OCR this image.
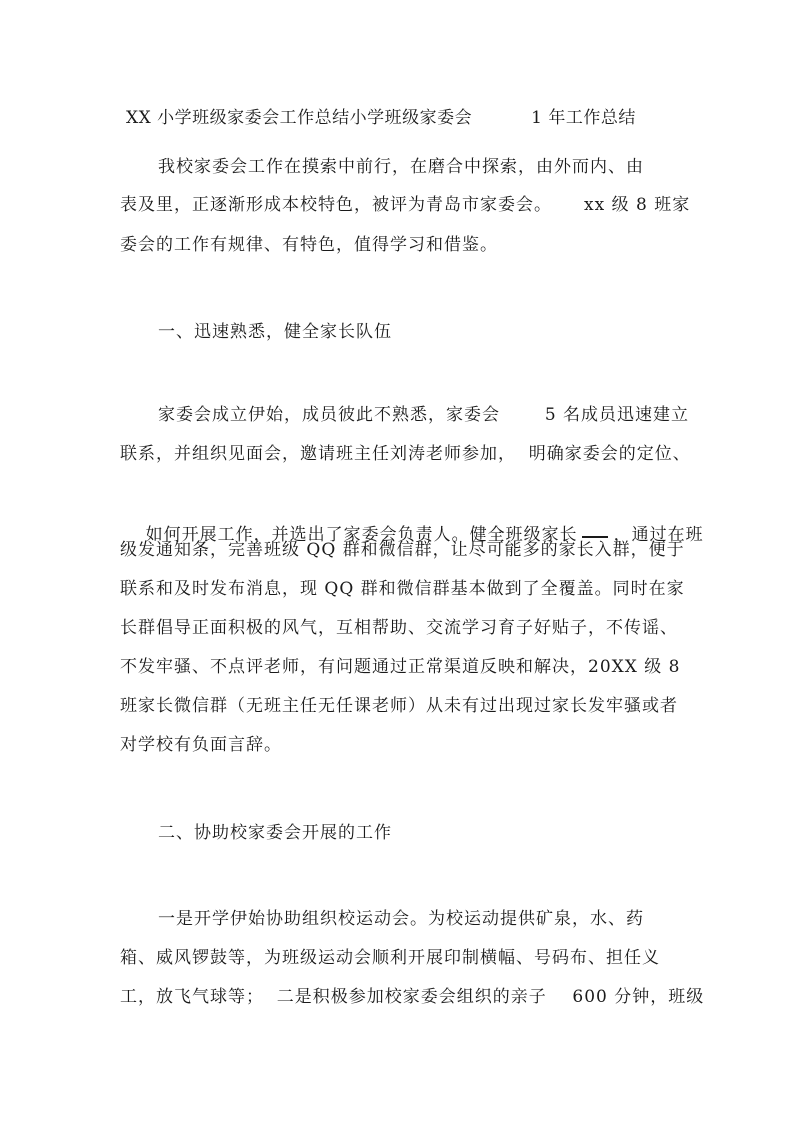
XX 小学班级家委会工作总结小学班级家委会          1 年工作总结
我校家委会工作在摸索中前行，在磨合中探索，由外而内、由
表及里，正逐渐形成本校特色，被评为青岛市家委会。     xx 级 8 班家
委会的工作有规律、有特色，值得学习和借鉴。
一、迅速熟悉，健全家长队伍
家委会成立伊始，成员彼此不熟悉，家委会       5 名成员迅速建立
联系，并组织见面会，邀请班主任刘涛老师参加，  明确家委会的定位、

如何开展工作，并选出了家委会负责人。健全班级家长 ，通过在班

级发通知条，完善班级 QQ 群和微信群，让尽可能多的家长入群，便于
联系和及时发布消息，现 QQ 群和微信群基本做到了全覆盖。同时在家
长群倡导正面积极的风气，互相帮助、交流学习育子好贴子，不传谣、
不发牢骚、不点评老师，有问题通过正常渠道反映和解决，20XX 级 8
班家长微信群（无班主任无任课老师）从未有过出现过家长发牢骚或者
对学校有负面言辞。
二、协助校家委会开展的工作
一是开学伊始协助组织校运动会。为校运动提供矿泉，水、药
箱、威风锣鼓等，为班级运动会顺利开展印制横幅、号码布、担任义
工，放飞气球等；  二是积极参加校家委会组织的亲子    600 分钟，班级
